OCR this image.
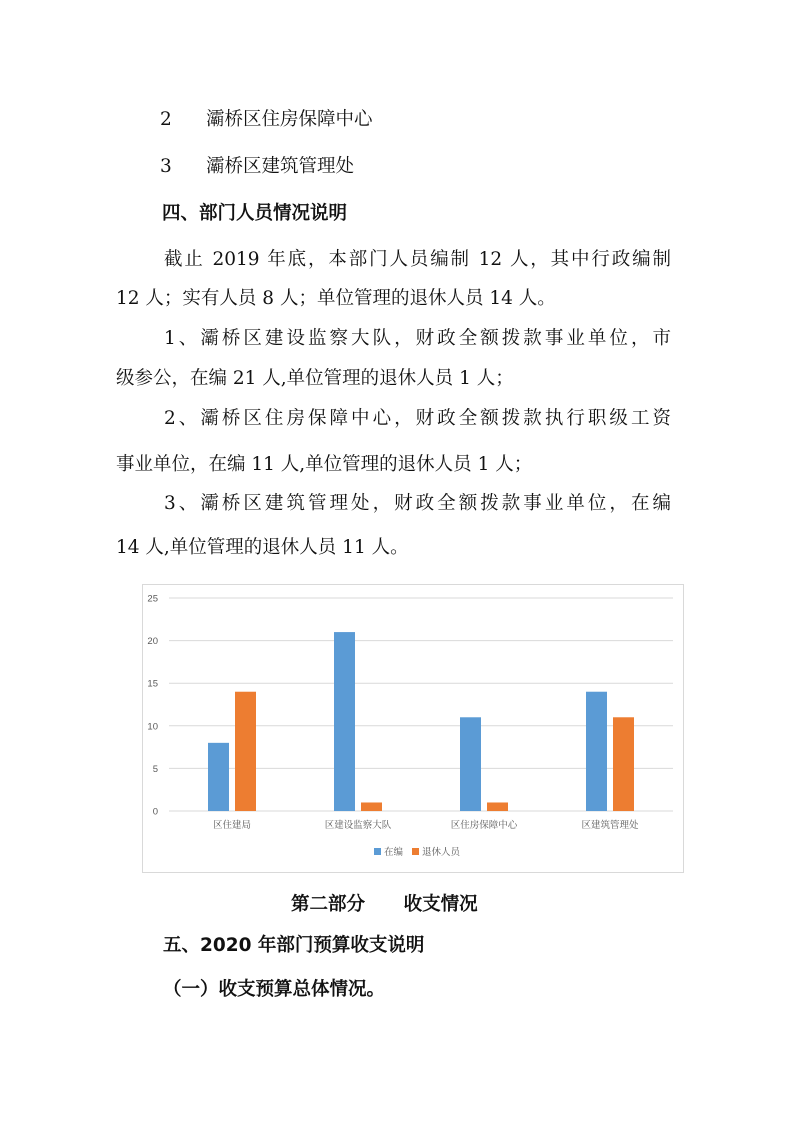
2 灞桥区住房保障中心
3 灞桥区建筑管理处
四、部门人员情况说明
截止 2019 年底，本部门人员编制 12 人，其中行政编制
12 人；实有人员 8 人；单位管理的退休人员 14 人。
1、灞桥区建设监察大队，财政全额拨款事业单位，市
级参公，在编 21 人,单位管理的退休人员 1 人；
2、灞桥区住房保障中心，财政全额拨款执行职级工资
事业单位，在编 11 人,单位管理的退休人员 1 人；
3、灞桥区建筑管理处，财政全额拨款事业单位，在编
14 人,单位管理的退休人员 11 人。
0
5
10
15
20
25
区住建局	区建设监察大队	区住房保障中心	区建筑管理处
在编 退休人员
第二部分      收支情况
五、2020 年部门预算收支说明
（一）收支预算总体情况。
